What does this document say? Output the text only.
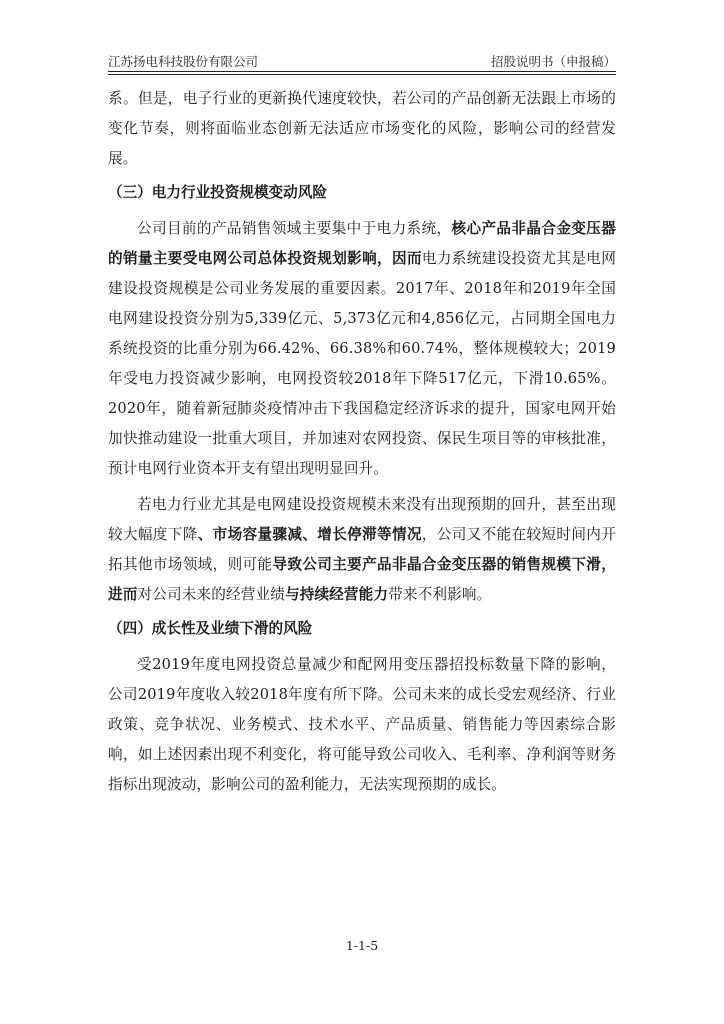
江苏扬电科技股份有限公司	招股说明书（申报稿）

系。但是，电子行业的更新换代速度较快，若公司的产品创新无法跟上市场的变化节奏，则将面临业态创新无法适应市场变化的风险，影响公司的经营发展。

（三）电力行业投资规模变动风险

公司目前的产品销售领域主要集中于电力系统，核心产品非晶合金变压器的销量主要受电网公司总体投资规划影响，因而电力系统建设投资尤其是电网建设投资规模是公司业务发展的重要因素。2017年、2018年和2019年全国电网建设投资分别为5,339亿元、5,373亿元和4,856亿元，占同期全国电力系统投资的比重分别为66.42%、66.38%和60.74%，整体规模较大；2019年受电力投资减少影响，电网投资较2018年下降517亿元，下滑10.65%。2020年，随着新冠肺炎疫情冲击下我国稳定经济诉求的提升，国家电网开始加快推动建设一批重大项目，并加速对农网投资、保民生项目等的审核批准，预计电网行业资本开支有望出现明显回升。

若电力行业尤其是电网建设投资规模未来没有出现预期的回升，甚至出现较大幅度下降、市场容量骤减、增长停滞等情况，公司又不能在较短时间内开拓其他市场领域，则可能导致公司主要产品非晶合金变压器的销售规模下滑，进而对公司未来的经营业绩与持续经营能力带来不利影响。

（四）成长性及业绩下滑的风险

受2019年度电网投资总量减少和配网用变压器招投标数量下降的影响，公司2019年度收入较2018年度有所下降。公司未来的成长受宏观经济、行业政策、竞争状况、业务模式、技术水平、产品质量、销售能力等因素综合影响，如上述因素出现不利变化，将可能导致公司收入、毛利率、净利润等财务指标出现波动，影响公司的盈利能力，无法实现预期的成长。

1-1-5
